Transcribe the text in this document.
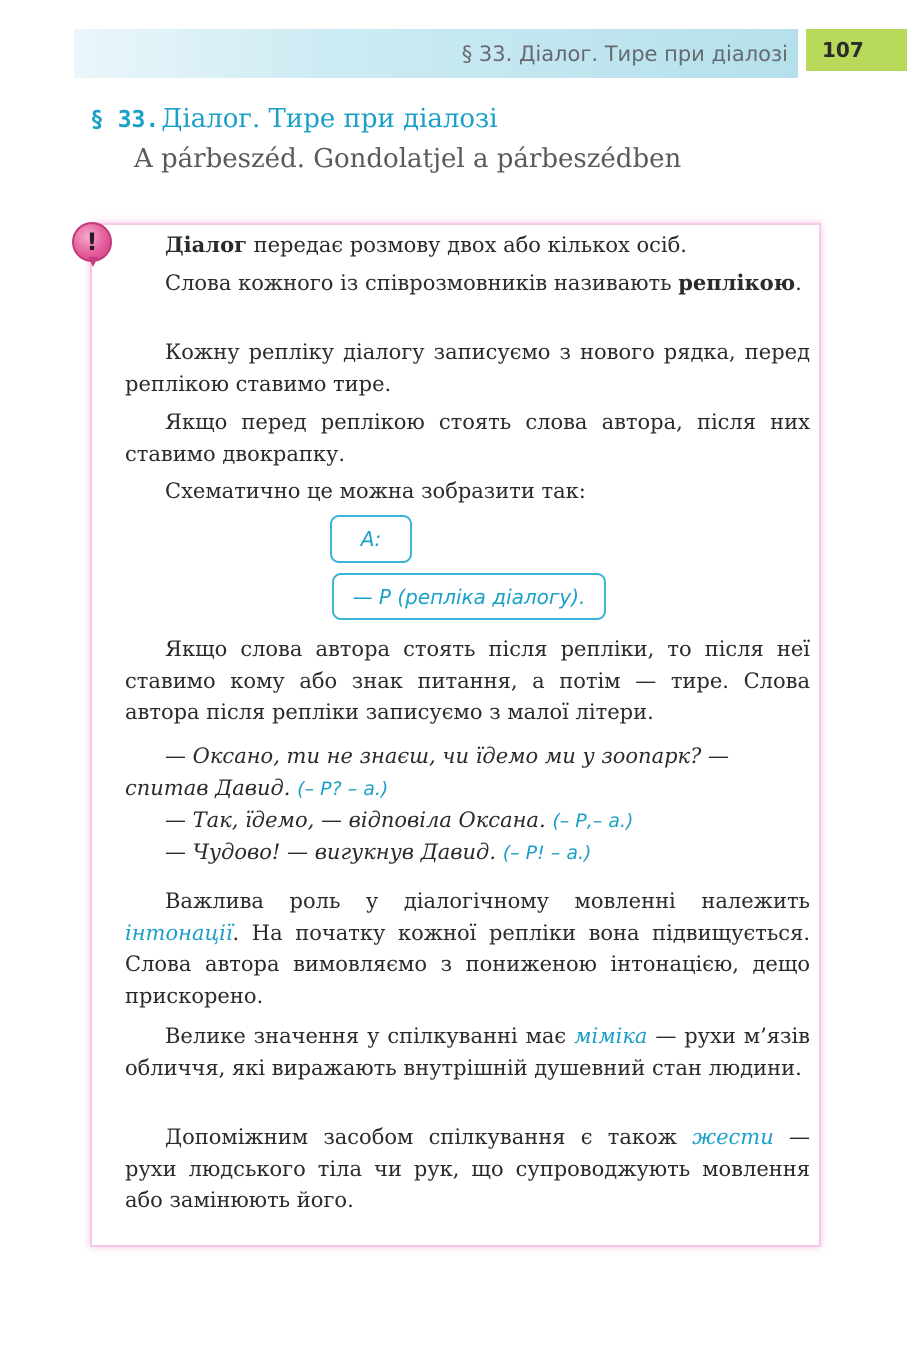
§ 33. Діалог. Тире при діалозі	107
§ 33.Діалог. Тире при діалозі
A párbeszéd. Gondolatjel a párbeszédben
!	Діалог передає розмову двох або кількох осіб.

Слова кожного із співрозмовників називають реплікою.

Кожну репліку діалогу записуємо з нового рядка, перед реплікою ставимо тире.

Якщо перед реплікою стоять слова автора, після них ставимо двокрапку.

Схематично це можна зобразити так:

А:
— Р (репліка діалогу).

Якщо слова автора стоять після репліки, то після неї ставимо кому або знак питання, а потім — тире. Слова автора після репліки записуємо з малої літери.

— Оксано, ти не знаєш, чи їдемо ми у зоопарк? — спитав Давид. (– Р? – а.)

— Так, їдемо, — відповіла Оксана. (– Р,– а.)

— Чудово! — вигукнув Давид. (– Р! – а.)

Важлива роль у діалогічному мовленні належить інтонації. На початку кожної репліки вона підвищується. Слова автора вимовляємо з пониженою інтонацією, дещо прискорено.

Велике значення у спілкуванні має міміка — рухи м’язів обличчя, які виражають внутрішній душевний стан людини.

Допоміжним засобом спілкування є також жести — рухи людського тіла чи рук, що супроводжують мовлення або замінюють його.
